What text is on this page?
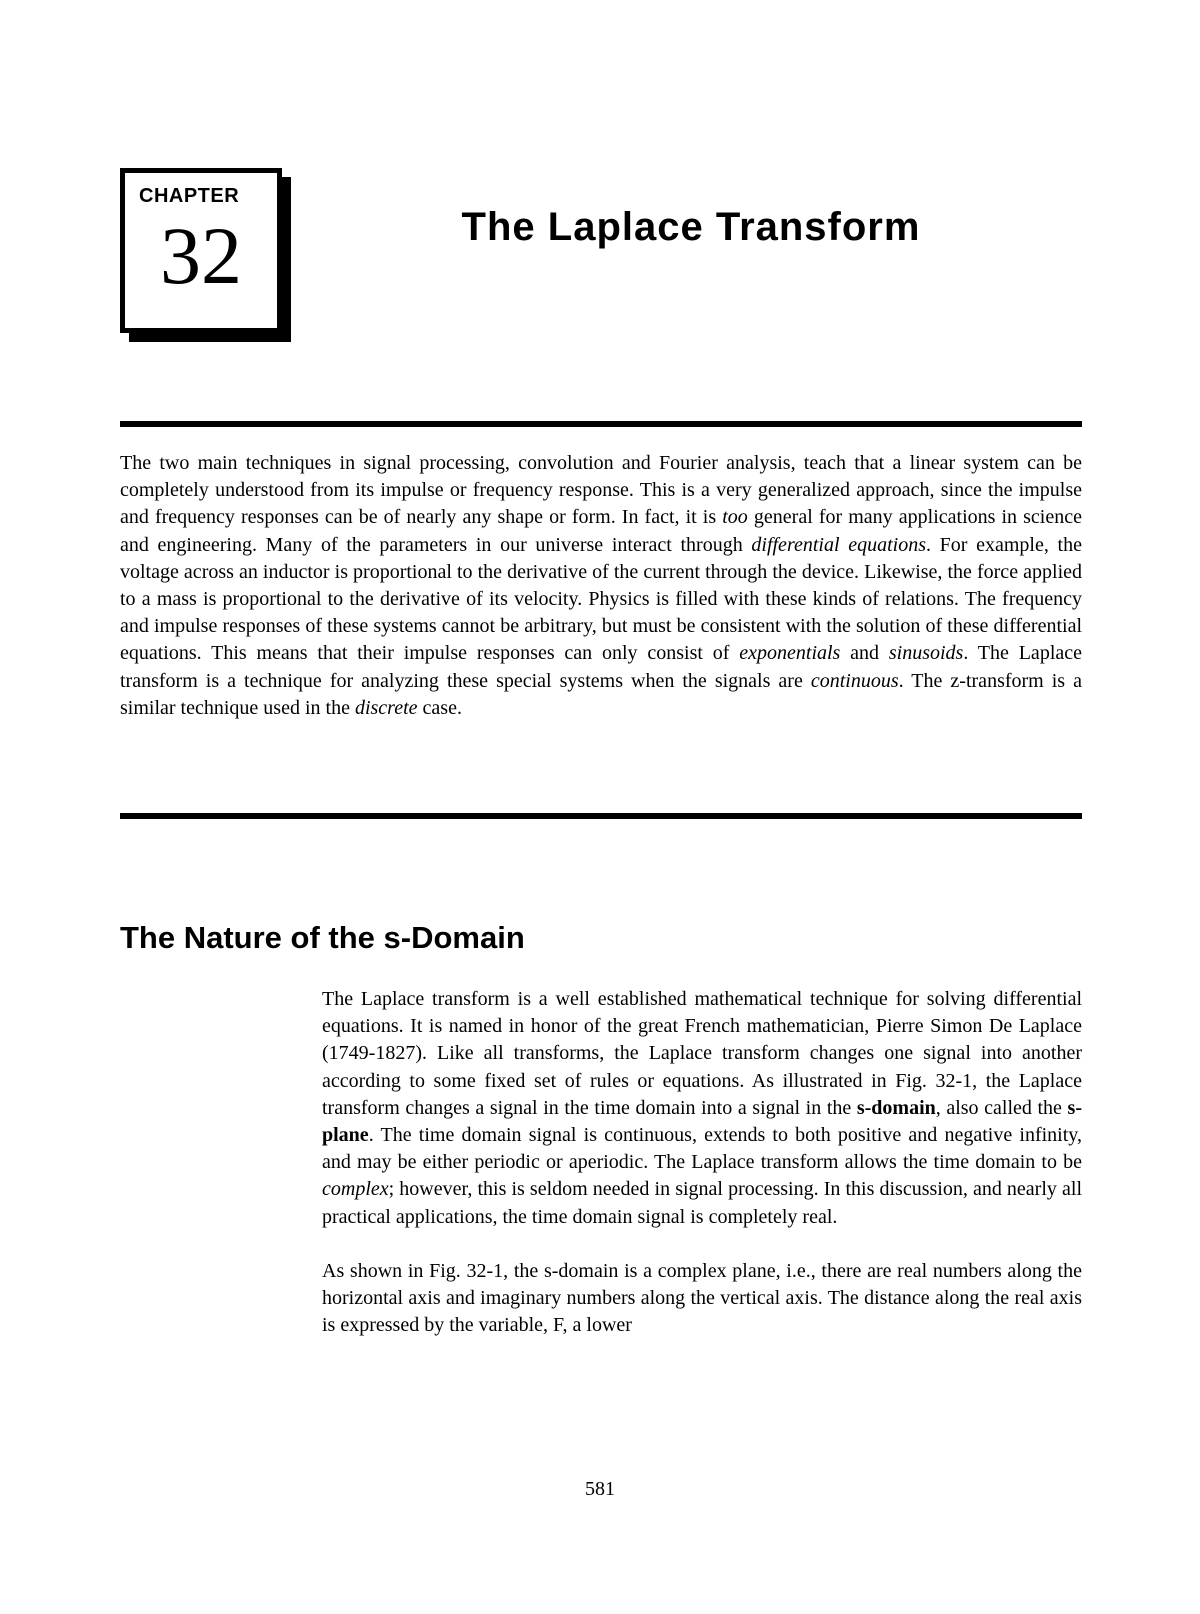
CHAPTER
32	The Laplace Transform
The two main techniques in signal processing, convolution and Fourier analysis, teach that a linear system can be completely understood from its impulse or frequency response. This is a very generalized approach, since the impulse and frequency responses can be of nearly any shape or form. In fact, it is too general for many applications in science and engineering. Many of the parameters in our universe interact through differential equations. For example, the voltage across an inductor is proportional to the derivative of the current through the device. Likewise, the force applied to a mass is proportional to the derivative of its velocity. Physics is filled with these kinds of relations. The frequency and impulse responses of these systems cannot be arbitrary, but must be consistent with the solution of these differential equations. This means that their impulse responses can only consist of exponentials and sinusoids. The Laplace transform is a technique for analyzing these special systems when the signals are continuous. The z-transform is a similar technique used in the discrete case.
The Nature of the s-Domain

The Laplace transform is a well established mathematical technique for solving differential equations. It is named in honor of the great French mathematician, Pierre Simon De Laplace (1749-1827). Like all transforms, the Laplace transform changes one signal into another according to some fixed set of rules or equations. As illustrated in Fig. 32-1, the Laplace transform changes a signal in the time domain into a signal in the s-domain, also called the s-plane. The time domain signal is continuous, extends to both positive and negative infinity, and may be either periodic or aperiodic. The Laplace transform allows the time domain to be complex; however, this is seldom needed in signal processing. In this discussion, and nearly all practical applications, the time domain signal is completely real.

As shown in Fig. 32-1, the s-domain is a complex plane, i.e., there are real numbers along the horizontal axis and imaginary numbers along the vertical axis. The distance along the real axis is expressed by the variable, F, a lower

581
